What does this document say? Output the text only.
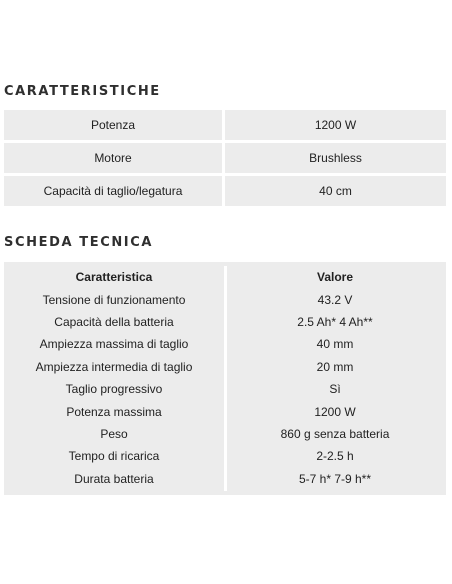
CARATTERISTICHE
Potenza	1200 W
Motore	Brushless
Capacità di taglio/legatura	40 cm
SCHEDA TECNICA
Caratteristica	Valore
Tensione di funzionamento	43.2 V
Capacità della batteria	2.5 Ah* 4 Ah**
Ampiezza massima di taglio	40 mm
Ampiezza intermedia di taglio	20 mm
Taglio progressivo	Sì
Potenza massima	1200 W
Peso	860 g senza batteria
Tempo di ricarica	2-2.5 h
Durata batteria	5-7 h* 7-9 h**
